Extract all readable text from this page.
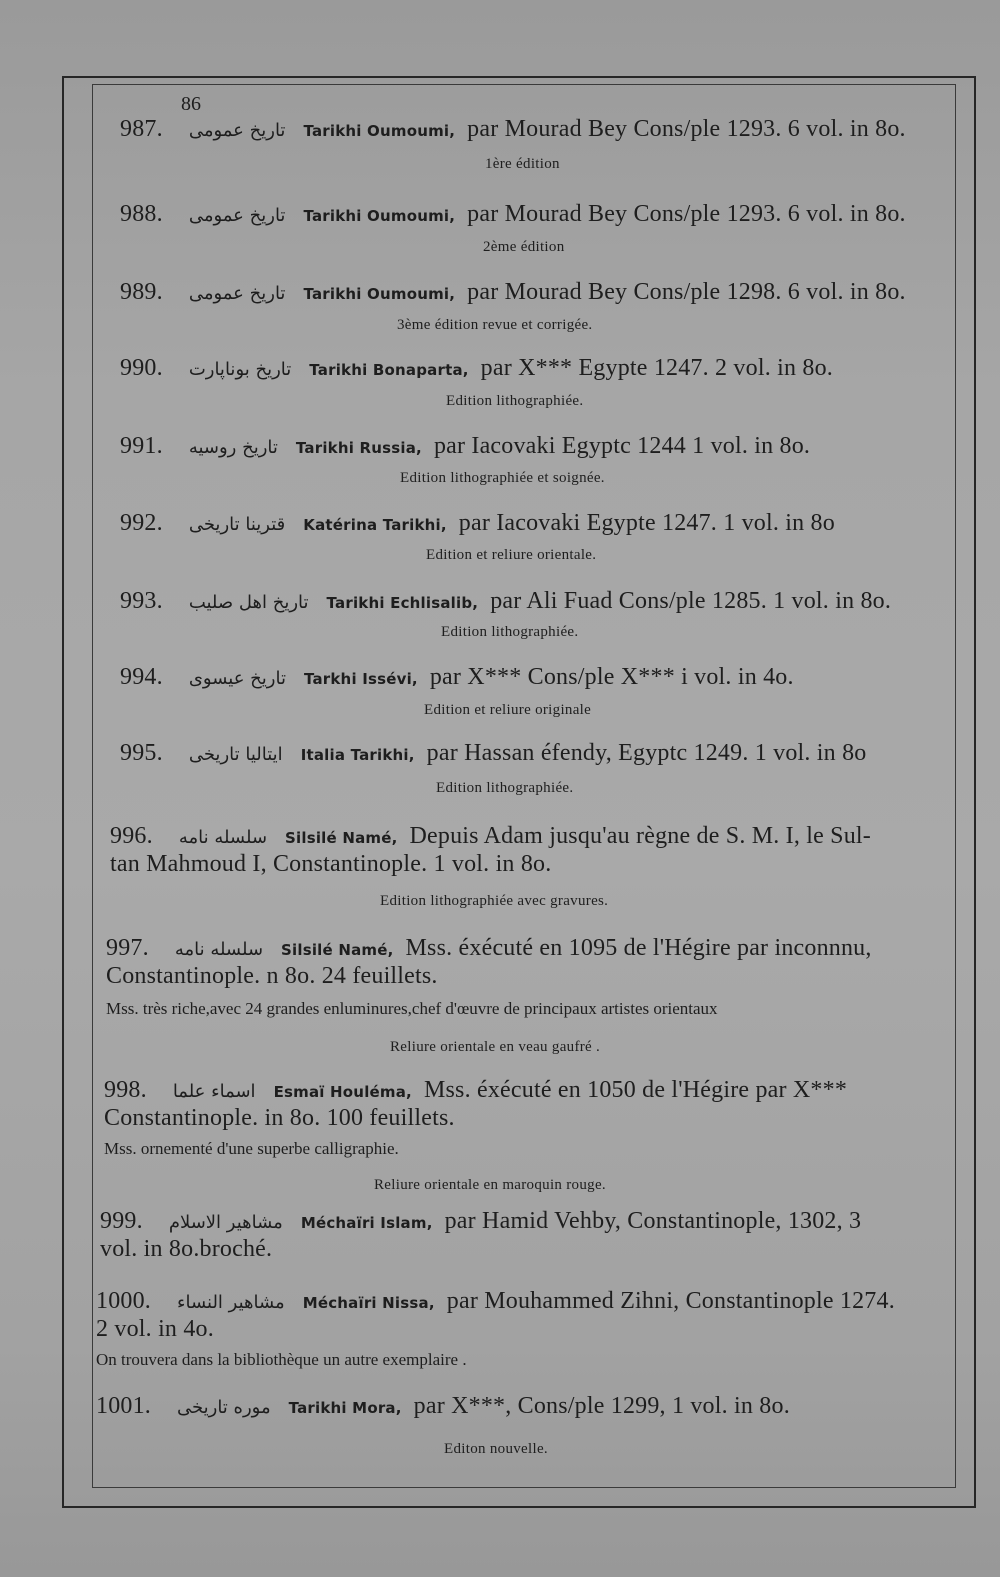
86
987. تاريخ عمومى Tarikhi Oumoumi, par Mourad Bey Cons/ple 1293. 6 vol. in 8o.
1ère édition
988. تاريخ عمومى Tarikhi Oumoumi, par Mourad Bey Cons/ple 1293. 6 vol. in 8o.
2ème édition
989. تاريخ عمومى Tarikhi Oumoumi, par Mourad Bey Cons/ple 1298. 6 vol. in 8o.
3ème édition revue et corrigée.
990. تاريخ بوناپارت Tarikhi Bonaparta, par X*** Egypte 1247. 2 vol. in 8o.
Edition lithographiée.
991. تاريخ روسيه Tarikhi Russia, par Iacovaki Egyptc 1244 1 vol. in 8o.
Edition lithographiée et soignée.
992. قترينا تاريخى Katérina Tarikhi, par Iacovaki Egypte 1247. 1 vol. in 8o
Edition et reliure orientale.
993. تاريخ اهل صليب Tarikhi Echlisalib, par Ali Fuad Cons/ple 1285. 1 vol. in 8o.
Edition lithographiée.
994. تاريخ عيسوى Tarkhi Issévi, par X*** Cons/ple X*** i vol. in 4o.
Edition et reliure originale
995. ايتاليا تاريخى Italia Tarikhi, par Hassan éfendy, Egyptc 1249. 1 vol. in 8o
Edition lithographiée.
996. سلسله نامه Silsilé Namé, Depuis Adam jusqu'au règne de S. M. I, le Sul-
tan Mahmoud I, Constantinople. 1 vol. in 8o.
Edition lithographiée avec gravures.
997. سلسله نامه Silsilé Namé, Mss. éxécuté en 1095 de l'Hégire par inconnnu,
Constantinople. n 8o. 24 feuillets.
Mss. très riche,avec 24 grandes enluminures,chef d'œuvre de principaux artistes orientaux
Reliure orientale en veau gaufré .
998. اسماء علما Esmaï Houléma, Mss. éxécuté en 1050 de l'Hégire par X***
Constantinople. in 8o. 100 feuillets.
Mss. ornementé d'une superbe calligraphie.
Reliure orientale en maroquin rouge.
999. مشاهير الاسلام Méchaïri Islam, par Hamid Vehby, Constantinople, 1302, 3
vol. in 8o.broché.
1000. مشاهير النساء Méchaïri Nissa, par Mouhammed Zihni, Constantinople 1274.
2 vol. in 4o.
On trouvera dans la bibliothèque un autre exemplaire .
1001. موره تاريخى Tarikhi Mora, par X***, Cons/ple 1299, 1 vol. in 8o.
Editon nouvelle.
